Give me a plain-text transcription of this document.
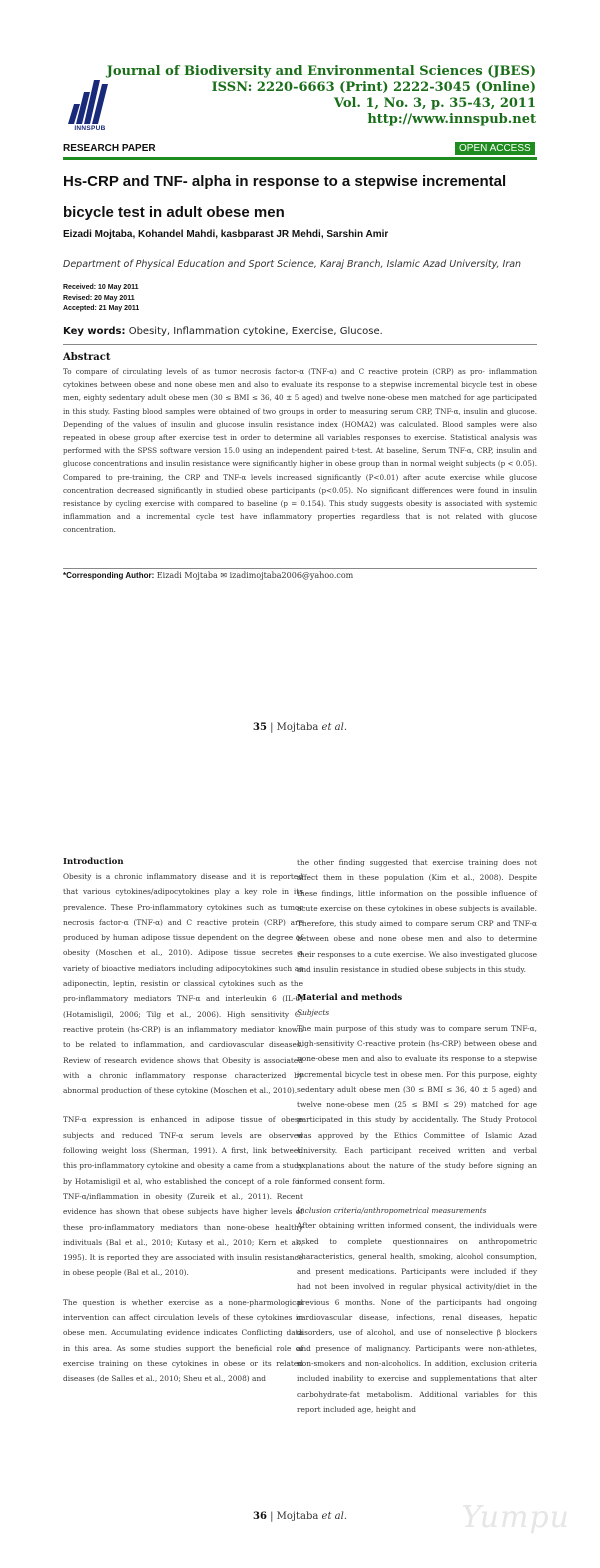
INNSPUB
Journal of Biodiversity and Environmental Sciences (JBES)
ISSN: 2220-6663 (Print) 2222-3045 (Online)
Vol. 1, No. 3, p. 35-43, 2011
http://www.innspub.net
RESEARCH PAPER	OPEN ACCESS
Hs-CRP and TNF- alpha in response to a stepwise incremental bicycle test in adult obese men
Eizadi Mojtaba, Kohandel Mahdi, kasbparast JR Mehdi, Sarshin Amir
Department of Physical Education and Sport Science, Karaj Branch, Islamic Azad University, Iran
Received: 10 May 2011
Revised: 20 May 2011
Accepted: 21 May 2011
Key words: Obesity, Inflammation cytokine, Exercise, Glucose.
Abstract
To compare of circulating levels of as tumor necrosis factor-α (TNF-α) and C reactive protein (CRP) as pro- inflammation cytokines between obese and none obese men and also to evaluate its response to a stepwise incremental bicycle test in obese men, eighty sedentary adult obese men (30 ≤ BMI ≤ 36, 40 ± 5 aged) and twelve none-obese men matched for age participated in this study. Fasting blood samples were obtained of two groups in order to measuring serum CRP, TNF-α, insulin and glucose. Depending of the values of insulin and glucose insulin resistance index (HOMA2) was calculated. Blood samples were also repeated in obese group after exercise test in order to determine all variables responses to exercise. Statistical analysis was performed with the SPSS software version 15.0 using an independent paired t-test. At baseline, Serum TNF-α, CRP, insulin and glucose concentrations and insulin resistance were significantly higher in obese group than in normal weight subjects (p < 0.05). Compared to pre-training, the CRP and TNF-α levels increased significantly (P<0.01) after acute exercise while glucose concentration decreased significantly in studied obese participants (p<0.05). No significant differences were found in insulin resistance by cycling exercise with compared to baseline (p = 0.154). This study suggests obesity is associated with systemic inflammation and a incremental cycle test have inflammatory properties regardless that is not related with glucose concentration.
*Corresponding Author: Eizadi Mojtaba ✉ izadimojtaba2006@yahoo.com
35 | Mojtaba et al.
Introduction

Obesity is a chronic inflammatory disease and it is reported that various cytokines/adipocytokines play a key role in its prevalence. These Pro-inflammatory cytokines such as tumor necrosis factor-α (TNF-α) and C reactive protein (CRP) are produced by human adipose tissue dependent on the degree of obesity (Moschen et al., 2010). Adipose tissue secretes a variety of bioactive mediators including adipocytokines such as adiponectin, leptin, resistin or classical cytokines such as the pro-inflammatory mediators TNF-α and interleukin 6 (IL-6) (Hotamisligil, 2006; Tilg et al., 2006). High sensitivity C-reactive protein (hs-CRP) is an inflammatory mediator known to be related to inflammation, and cardiovascular diseases. Review of research evidence shows that Obesity is associated with a chronic inflammatory response characterized by abnormal production of these cytokine (Moschen et al., 2010).

TNF-α expression is enhanced in adipose tissue of obese subjects and reduced TNF-α serum levels are observed following weight loss (Sherman, 1991). A first, link between this pro-inflammatory cytokine and obesity a came from a study by Hotamisligil et al, who established the concept of a role for TNF-α/inflammation in obesity (Zureik et al., 2011). Recent evidence has shown that obese subjects have higher levels of these pro-inflammatory mediators than none-obese healthy indivituals (Bal et al., 2010; Kutasy et al., 2010; Kern et al., 1995). It is reported they are associated with insulin resistance in obese people (Bal et al., 2010).

The question is whether exercise as a none-pharmological intervention can affect circulation levels of these cytokines in obese men. Accumulating evidence indicates Conflicting data in this area. As some studies support the beneficial role of exercise training on these cytokines in obese or its related diseases (de Salles et al., 2010; Sheu et al., 2008) and

the other finding suggested that exercise training does not affect them in these population (Kim et al., 2008). Despite these findings, little information on the possible influence of acute exercise on these cytokines in obese subjects is available. Therefore, this study aimed to compare serum CRP and TNF-α between obese and none obese men and also to determine their responses to a cute exercise. We also investigated glucose and insulin resistance in studied obese subjects in this study.

Material and methods
Subjects

The main purpose of this study was to compare serum TNF-α, high-sensitivity C-reactive protein (hs-CRP) between obese and none-obese men and also to evaluate its response to a stepwise incremental bicycle test in obese men. For this purpose, eighty sedentary adult obese men (30 ≤ BMI ≤ 36, 40 ± 5 aged) and twelve none-obese men (25 ≤ BMI ≤ 29) matched for age participated in this study by accidentally. The Study Protocol was approved by the Ethics Committee of Islamic Azad University. Each participant received written and verbal explanations about the nature of the study before signing an informed consent form.

Inclusion criteria/anthropometrical measurements

After obtaining written informed consent, the individuals were asked to complete questionnaires on anthropometric characteristics, general health, smoking, alcohol consumption, and present medications. Participants were included if they had not been involved in regular physical activity/diet in the previous 6 months. None of the participants had ongoing cardiovascular disease, infections, renal diseases, hepatic disorders, use of alcohol, and use of nonselective β blockers and presence of malignancy. Participants were non-athletes, non-smokers and non-alcoholics. In addition, exclusion criteria included inability to exercise and supplementations that alter carbohydrate-fat metabolism. Additional variables for this report included age, height and

36 | Mojtaba et al.	Yumpu
